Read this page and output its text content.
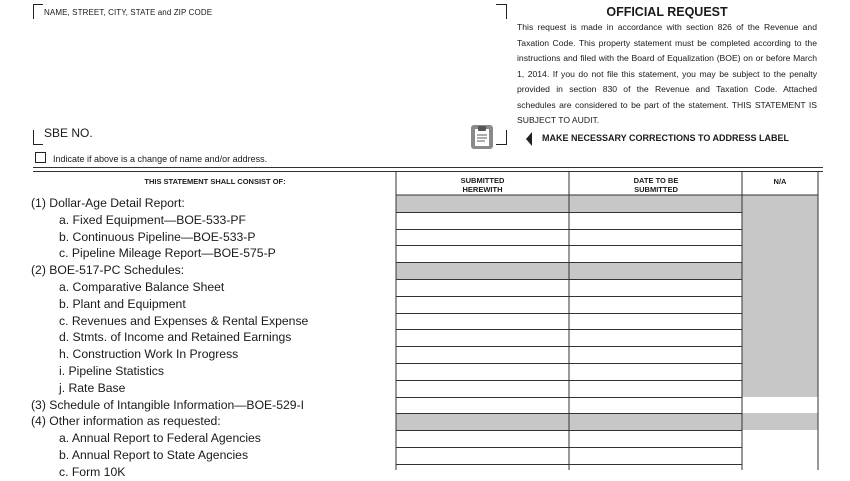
NAME, STREET, CITY, STATE and ZIP CODE
SBE NO.
OFFICIAL REQUEST
This request is made in accordance with section 826 of the Revenue and Taxation Code. This property statement must be completed according to the instructions and filed with the Board of Equalization (BOE) on or before March 1, 2014. If you do not file this statement, you may be subject to the penalty provided in section 830 of the Revenue and Taxation Code. Attached schedules are considered to be part of the statement. THIS STATEMENT IS SUBJECT TO AUDIT.
MAKE NECESSARY CORRECTIONS TO ADDRESS LABEL
Indicate if above is a change of name and/or address.
THIS STATEMENT SHALL CONSIST OF:	SUBMITTED HEREWITH
DATE TO BE SUBMITTED
N/A
(1) Dollar-Age Detail Report:
a. Fixed Equipment—BOE-533-PF
b. Continuous Pipeline—BOE-533-P
c. Pipeline Mileage Report—BOE-575-P
(2) BOE-517-PC Schedules:
a. Comparative Balance Sheet
b. Plant and Equipment
c. Revenues and Expenses & Rental Expense
d. Stmts. of Income and Retained Earnings
h. Construction Work In Progress
i. Pipeline Statistics
j. Rate Base
(3) Schedule of Intangible Information—BOE-529-I
(4) Other information as requested:
a. Annual Report to Federal Agencies
b. Annual Report to State Agencies
c. Form 10K
